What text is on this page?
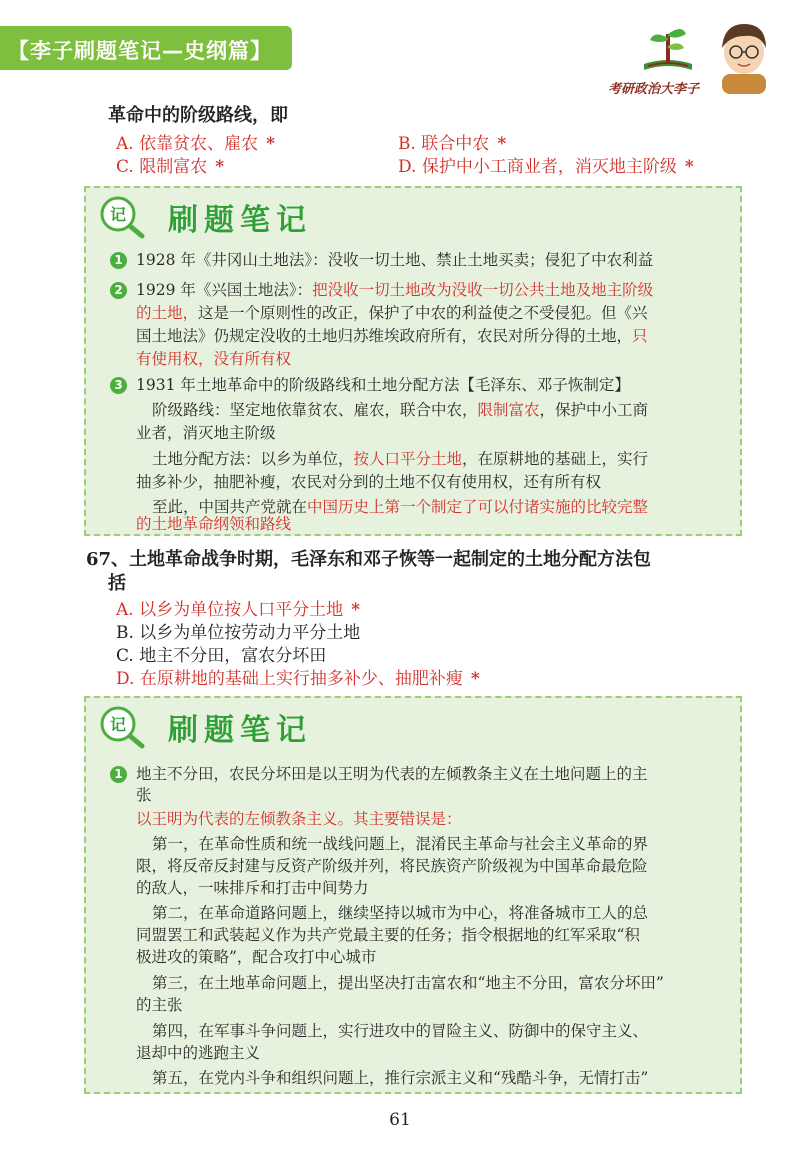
【李子刷题笔记—史纲篇】
考研政治大李子
革命中的阶级路线，即
A. 依靠贫农、雇农 *	B. 联合中农 *
C. 限制富农 *	D. 保护中小工商业者，消灭地主阶级 *
记 刷题笔记
1 1928 年《井冈山土地法》：没收一切土地、禁止土地买卖；侵犯了中农利益
2 1929 年《兴国土地法》：把没收一切土地改为没收一切公共土地及地主阶级
的土地，这是一个原则性的改正，保护了中农的利益使之不受侵犯。但《兴
国土地法》仍规定没收的土地归苏维埃政府所有，农民对所分得的土地，只
有使用权，没有所有权
3 1931 年土地革命中的阶级路线和土地分配方法【毛泽东、邓子恢制定】
阶级路线：坚定地依靠贫农、雇农，联合中农，限制富农，保护中小工商
业者，消灭地主阶级
土地分配方法：以乡为单位，按人口平分土地，在原耕地的基础上，实行
抽多补少，抽肥补瘦，农民对分到的土地不仅有使用权，还有所有权
至此，中国共产党就在中国历史上第一个制定了可以付诸实施的比较完整
的土地革命纲领和路线
67、土地革命战争时期，毛泽东和邓子恢等一起制定的土地分配方法包
括
A. 以乡为单位按人口平分土地 *
B. 以乡为单位按劳动力平分土地
C. 地主不分田，富农分坏田
D. 在原耕地的基础上实行抽多补少、抽肥补瘦 *
记 刷题笔记
1 地主不分田，农民分坏田是以王明为代表的左倾教条主义在土地问题上的主
张
以王明为代表的左倾教条主义。其主要错误是：
第一，在革命性质和统一战线问题上，混淆民主革命与社会主义革命的界
限，将反帝反封建与反资产阶级并列，将民族资产阶级视为中国革命最危险
的敌人，一味排斥和打击中间势力
第二，在革命道路问题上，继续坚持以城市为中心，将准备城市工人的总
同盟罢工和武装起义作为共产党最主要的任务；指令根据地的红军采取“积
极进攻的策略”，配合攻打中心城市
第三，在土地革命问题上，提出坚决打击富农和“地主不分田，富农分坏田”
的主张
第四，在军事斗争问题上，实行进攻中的冒险主义、防御中的保守主义、
退却中的逃跑主义
第五，在党内斗争和组织问题上，推行宗派主义和“残酷斗争，无情打击”
61
